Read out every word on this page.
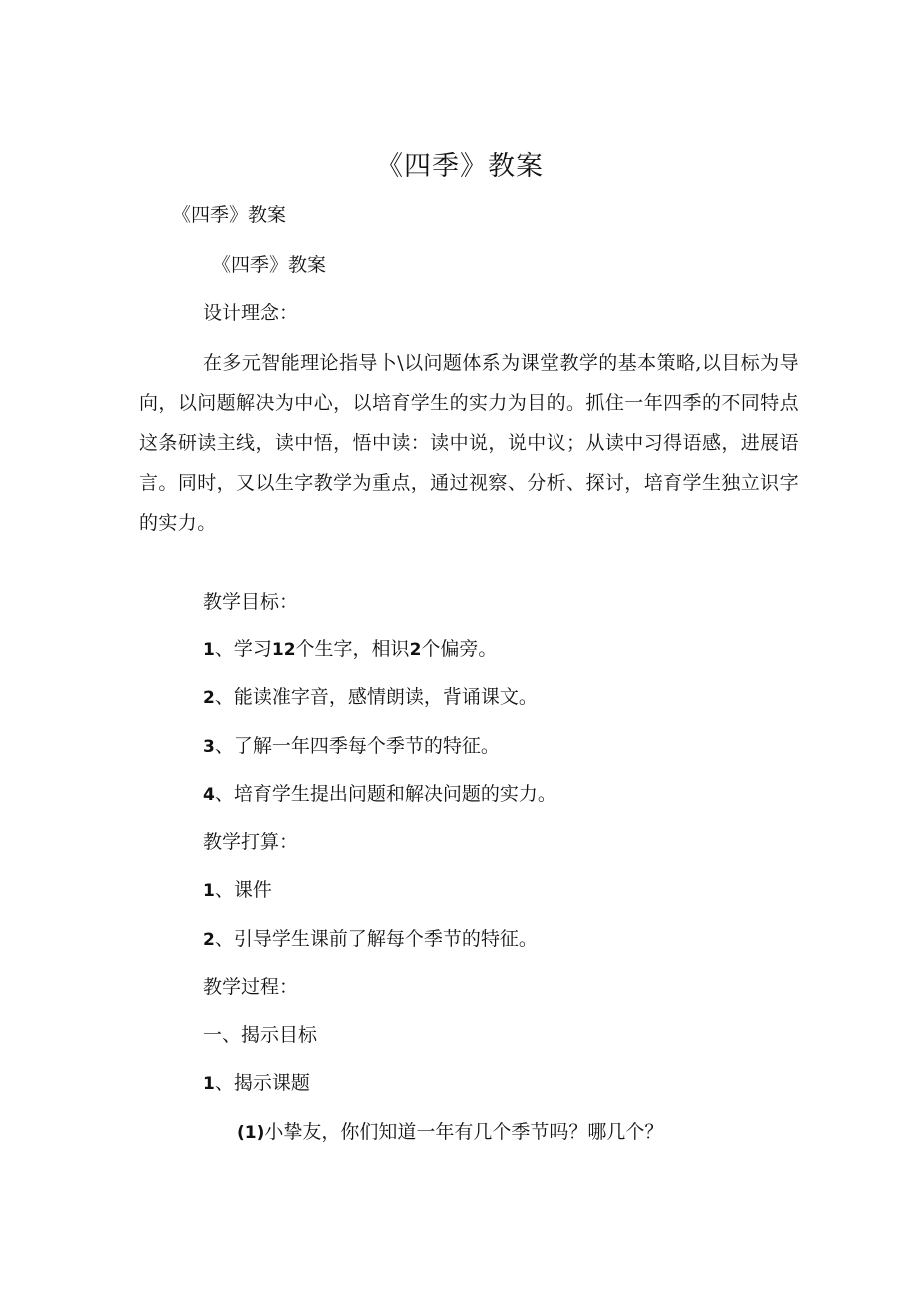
《四季》教案
《四季》教案
《四季》教案
设计理念：
在多元智能理论指导卜\以问题体系为课堂教学的基本策略,以目标为导向，以问题解决为中心，以培育学生的实力为目的。抓住一年四季的不同特点这条研读主线，读中悟，悟中读：读中说，说中议；从读中习得语感，进展语言。同时，又以生字教学为重点，通过视察、分析、探讨，培育学生独立识字的实力。
教学目标：
1、学习12个生字，相识2个偏旁。
2、能读准字音，感情朗读，背诵课文。
3、了解一年四季每个季节的特征。
4、培育学生提出问题和解决问题的实力。
教学打算：
1、课件
2、引导学生课前了解每个季节的特征。
教学过程：
一、揭示目标
1、揭示课题
(1)小挚友，你们知道一年有几个季节吗？哪几个？
